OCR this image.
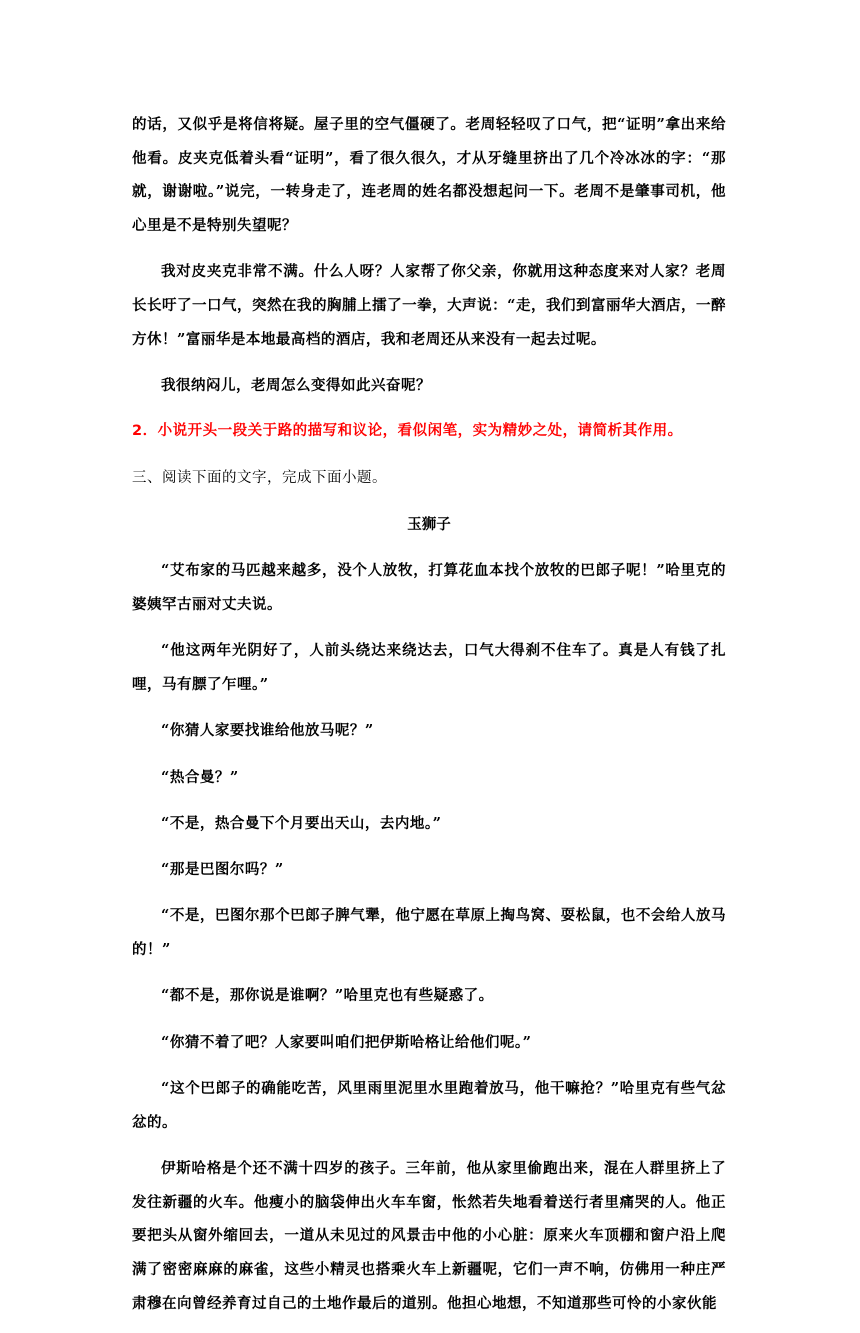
的话，又似乎是将信将疑。屋子里的空气僵硬了。老周轻轻叹了口气，把“证明”拿出来给他看。皮夹克低着头看“证明”，看了很久很久，才从牙缝里挤出了几个冷冰冰的字：“那就，谢谢啦。”说完，一转身走了，连老周的姓名都没想起问一下。老周不是肇事司机，他心里是不是特别失望呢？

我对皮夹克非常不满。什么人呀？人家帮了你父亲，你就用这种态度来对人家？老周长长吁了一口气，突然在我的胸脯上擂了一拳，大声说：“走，我们到富丽华大酒店，一醉方休！”富丽华是本地最高档的酒店，我和老周还从来没有一起去过呢。

我很纳闷儿，老周怎么变得如此兴奋呢？

2．小说开头一段关于路的描写和议论，看似闲笔，实为精妙之处，请简析其作用。

三、阅读下面的文字，完成下面小题。

玉狮子

“艾布家的马匹越来越多，没个人放牧，打算花血本找个放牧的巴郎子呢！”哈里克的婆姨罕古丽对丈夫说。

“他这两年光阴好了，人前头绕达来绕达去，口气大得刹不住车了。真是人有钱了扎哩，马有膘了乍哩。”

“你猜人家要找谁给他放马呢？”

“热合曼？”

“不是，热合曼下个月要出天山，去内地。”

“那是巴图尔吗？”

“不是，巴图尔那个巴郎子脾气犟，他宁愿在草原上掏鸟窝、耍松鼠，也不会给人放马的！”

“都不是，那你说是谁啊？”哈里克也有些疑惑了。

“你猜不着了吧？人家要叫咱们把伊斯哈格让给他们呢。”

“这个巴郎子的确能吃苦，风里雨里泥里水里跑着放马，他干嘛抢？”哈里克有些气忿忿的。

伊斯哈格是个还不满十四岁的孩子。三年前，他从家里偷跑出来，混在人群里挤上了发往新疆的火车。他瘦小的脑袋伸出火车车窗，怅然若失地看着送行者里痛哭的人。他正要把头从窗外缩回去，一道从未见过的风景击中他的小心脏：原来火车顶棚和窗户沿上爬满了密密麻麻的麻雀，这些小精灵也搭乘火车上新疆呢，它们一声不响，仿佛用一种庄严肃穆在向曾经养育过自己的土地作最后的道别。他担心地想，不知道那些可怜的小家伙能
